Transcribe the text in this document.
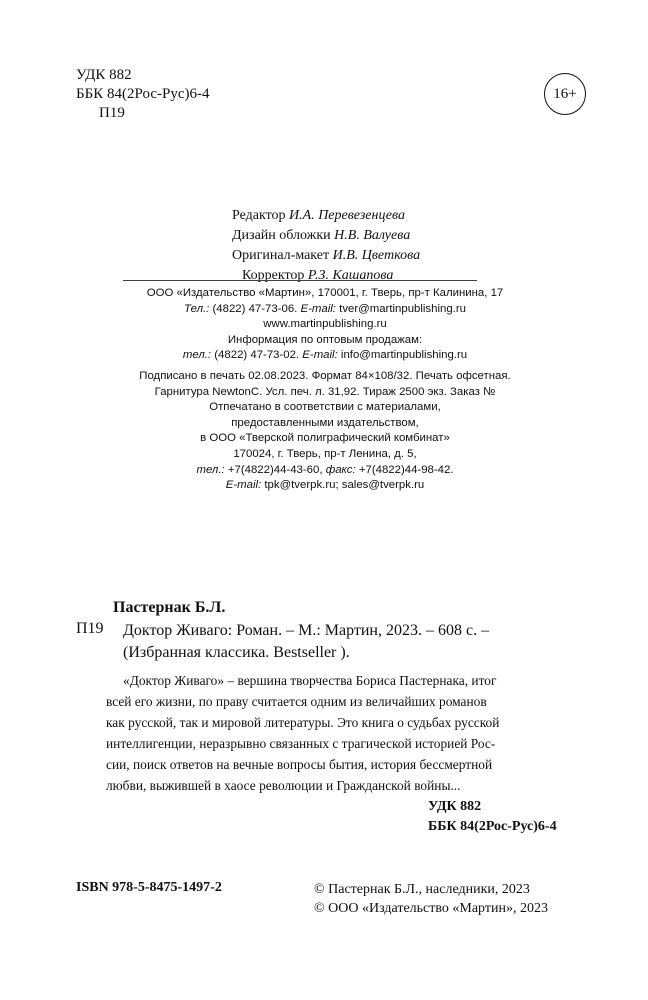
УДК 882
ББК 84(2Рос-Рус)6-4
П19
16+
Редактор И.А. Перевезенцева
Дизайн обложки Н.В. Валуева
Оригинал-макет И.В. Цветкова
Корректор Р.З. Кашапова
ООО «Издательство «Мартин», 170001, г. Тверь, пр-т Калинина, 17
Тел.: (4822) 47-73-06. E-mail: tver@martinpublishing.ru
www.martinpublishing.ru
Информация по оптовым продажам:
тел.: (4822) 47-73-02. E-mail: info@martinpublishing.ru
Подписано в печать 02.08.2023. Формат 84×108/32. Печать офсетная.
Гарнитура NewtonC. Усл. печ. л. 31,92. Тираж 2500 экз. Заказ №
Отпечатано в соответствии с материалами,
предоставленными издательством,
в ООО «Тверской полиграфический комбинат»
170024, г. Тверь, пр-т Ленина, д. 5,
тел.: +7(4822)44-43-60, факс: +7(4822)44-98-42.
E-mail: tpk@tverpk.ru; sales@tverpk.ru
Пастернак Б.Л.
П19 Доктор Живаго: Роман. – М.: Мартин, 2023. – 608 с. –
(Избранная классика. Bestseller ).
«Доктор Живаго» – вершина творчества Бориса Пастернака, итог
всей его жизни, по праву считается одним из величайших романов
как русской, так и мировой литературы. Это книга о судьбах русской
интеллигенции, неразрывно связанных с трагической историей Рос-
сии, поиск ответов на вечные вопросы бытия, история бессмертной
любви, выжившей в хаосе революции и Гражданской войны...
УДК 882
ББК 84(2Рос-Рус)6-4
ISBN 978-5-8475-1497-2	© Пастернак Б.Л., наследники, 2023
© ООО «Издательство «Мартин», 2023
